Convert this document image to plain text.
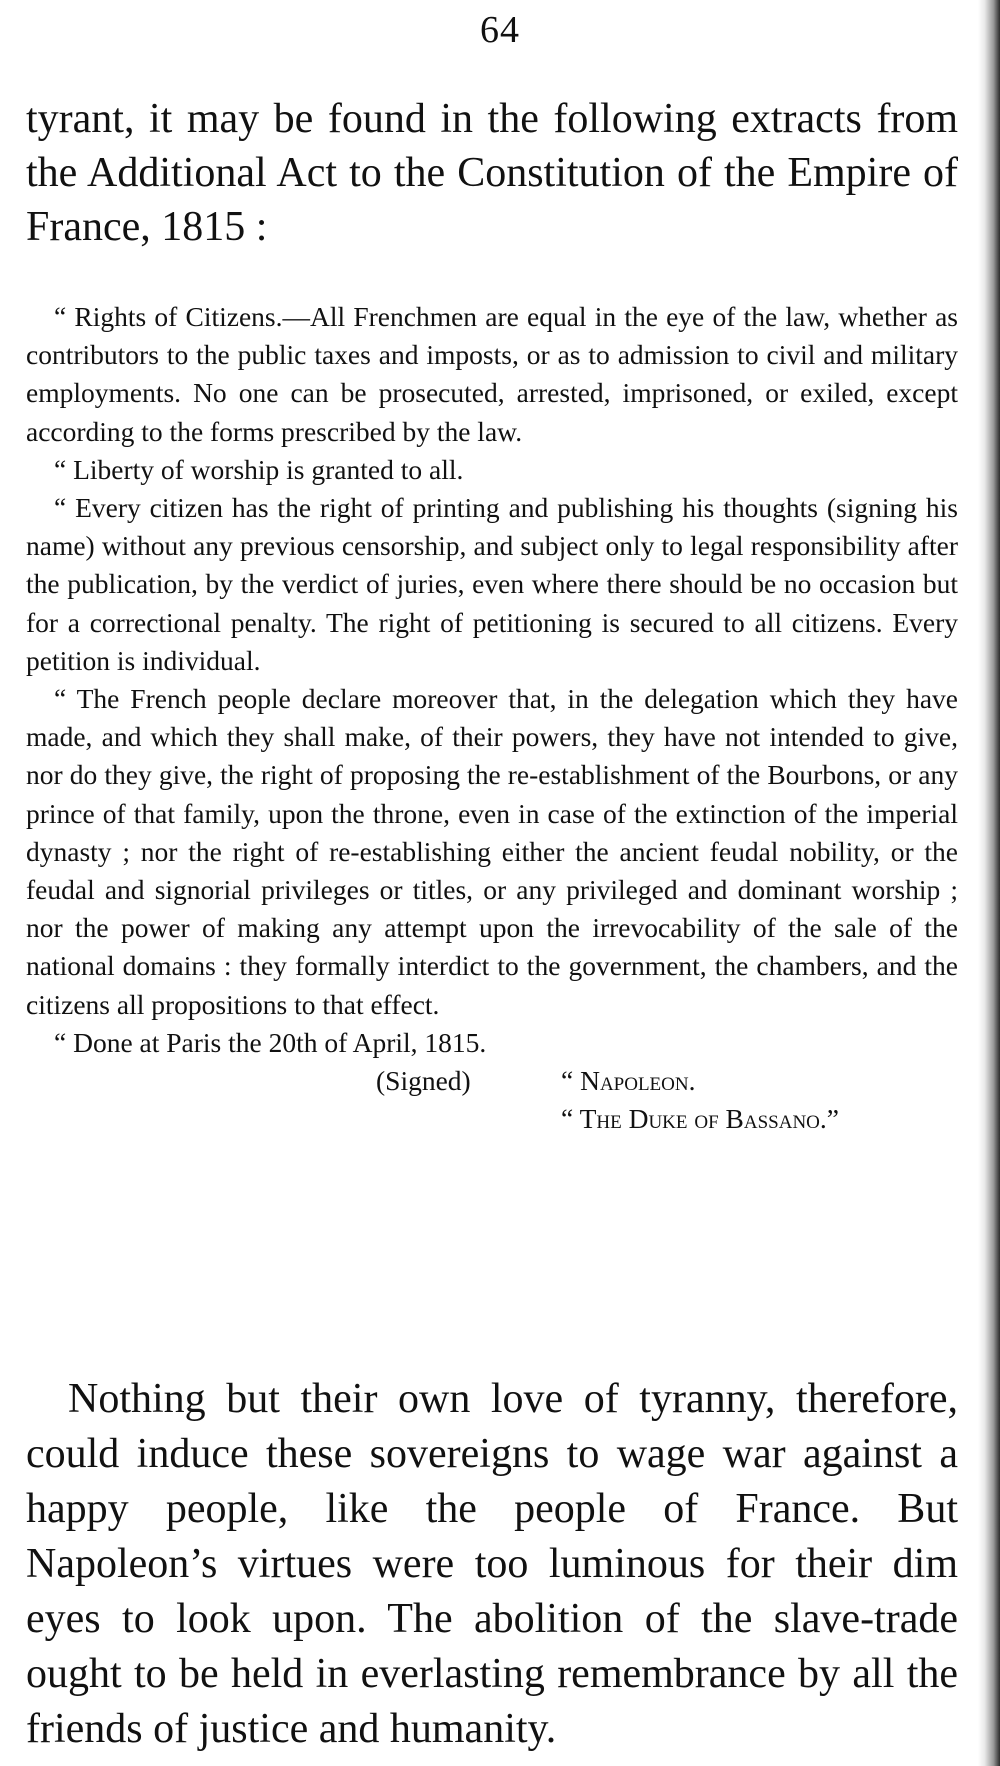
64
tyrant, it may be found in the following extracts from the Additional Act to the Constitution of the Empire of France, 1815 :

“ Rights of Citizens.—All Frenchmen are equal in the eye of the law, whether as contributors to the public taxes and imposts, or as to admission to civil and military employments. No one can be prosecuted, arrested, imprisoned, or exiled, except according to the forms prescribed by the law.

“ Liberty of worship is granted to all.

“ Every citizen has the right of printing and publishing his thoughts (signing his name) without any previous censorship, and subject only to legal responsibility after the publication, by the verdict of juries, even where there should be no occasion but for a correctional penalty. The right of petitioning is secured to all citizens. Every petition is individual.

“ The French people declare moreover that, in the delegation which they have made, and which they shall make, of their powers, they have not intended to give, nor do they give, the right of proposing the re-establishment of the Bourbons, or any prince of that family, upon the throne, even in case of the extinction of the imperial dynasty ; nor the right of re-establishing either the ancient feudal nobility, or the feudal and signorial privileges or titles, or any privileged and dominant worship ; nor the power of making any attempt upon the irrevocability of the sale of the national domains : they formally interdict to the government, the chambers, and the citizens all propositions to that effect.

“ Done at Paris the 20th of April, 1815.

(Signed)	“ Napoleon.
“ The Duke of Bassano.”

Nothing but their own love of tyranny, therefore, could induce these sovereigns to wage war against a happy people, like the people of France. But Napoleon’s virtues were too luminous for their dim eyes to look upon. The abolition of the slave-trade ought to be held in everlasting remembrance by all the friends of justice and humanity.
